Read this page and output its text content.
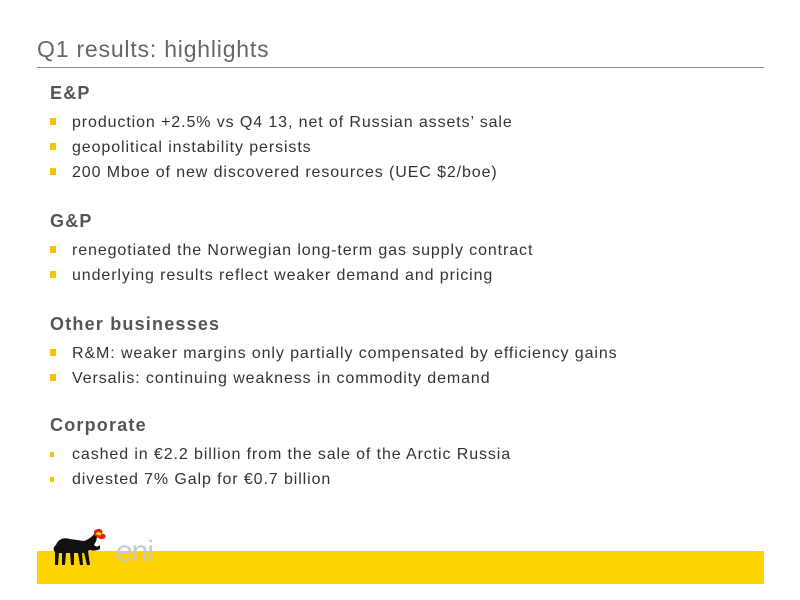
Q1 results: highlights
E&P
production +2.5% vs Q4 13, net of Russian assets’ sale
geopolitical instability persists
200 Mboe of new discovered resources (UEC $2/boe)
G&P
renegotiated the Norwegian long-term gas supply contract
underlying results reflect weaker demand and pricing
Other businesses
R&M: weaker margins only partially compensated by efficiency gains
Versalis: continuing weakness in commodity demand
Corporate
cashed in €2.2 billion from the sale of the Arctic Russia
divested 7% Galp for €0.7 billion
eni
